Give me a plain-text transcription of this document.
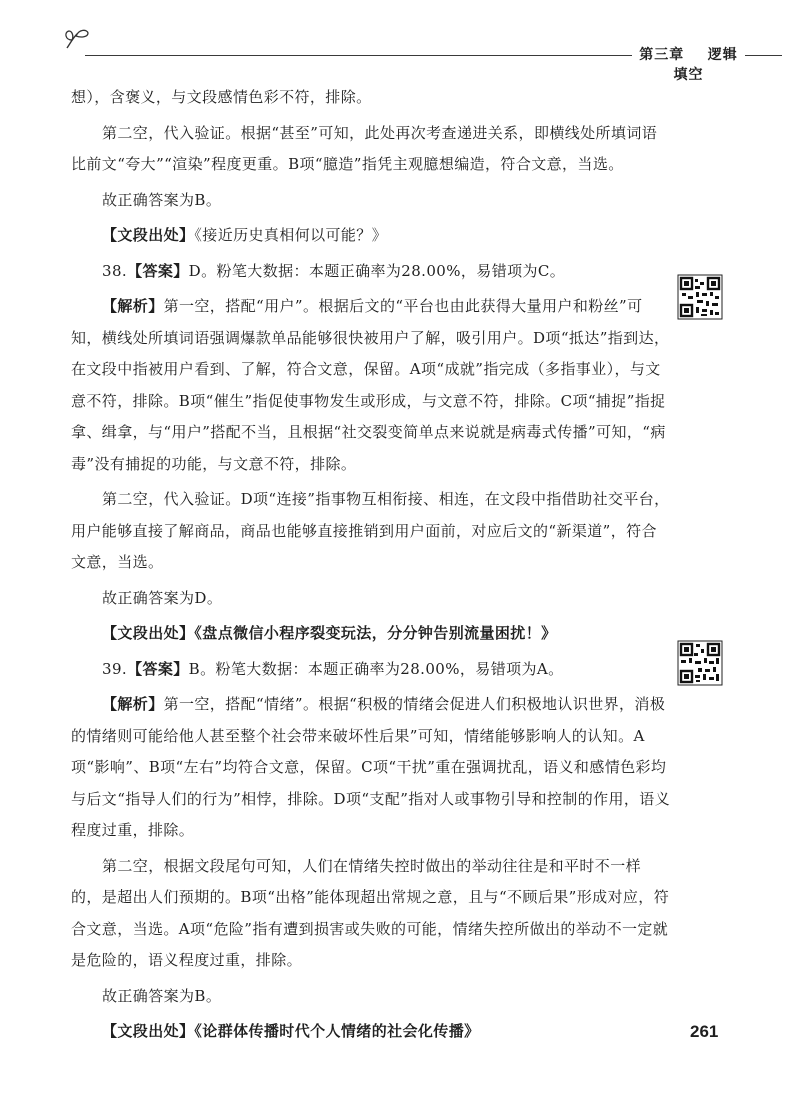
第三章 逻辑填空

想），含褒义，与文段感情色彩不符，排除。

第二空，代入验证。根据“甚至”可知，此处再次考查递进关系，即横线处所填词语比前文“夸大”“渲染”程度更重。B项“臆造”指凭主观臆想编造，符合文意，当选。

故正确答案为B。

【文段出处】《接近历史真相何以可能？》

38.【答案】D。粉笔大数据：本题正确率为28.00%，易错项为C。

【解析】第一空，搭配“用户”。根据后文的“平台也由此获得大量用户和粉丝”可知，横线处所填词语强调爆款单品能够很快被用户了解，吸引用户。D项“抵达”指到达，在文段中指被用户看到、了解，符合文意，保留。A项“成就”指完成（多指事业），与文意不符，排除。B项“催生”指促使事物发生或形成，与文意不符，排除。C项“捕捉”指捉拿、缉拿，与“用户”搭配不当，且根据“社交裂变简单点来说就是病毒式传播”可知，“病毒”没有捕捉的功能，与文意不符，排除。

第二空，代入验证。D项“连接”指事物互相衔接、相连，在文段中指借助社交平台，用户能够直接了解商品，商品也能够直接推销到用户面前，对应后文的“新渠道”，符合文意，当选。

故正确答案为D。

【文段出处】《盘点微信小程序裂变玩法，分分钟告别流量困扰！》

39.【答案】B。粉笔大数据：本题正确率为28.00%，易错项为A。

【解析】第一空，搭配“情绪”。根据“积极的情绪会促进人们积极地认识世界，消极的情绪则可能给他人甚至整个社会带来破坏性后果”可知，情绪能够影响人的认知。A项“影响”、B项“左右”均符合文意，保留。C项“干扰”重在强调扰乱，语义和感情色彩均与后文“指导人们的行为”相悖，排除。D项“支配”指对人或事物引导和控制的作用，语义程度过重，排除。

第二空，根据文段尾句可知，人们在情绪失控时做出的举动往往是和平时不一样的，是超出人们预期的。B项“出格”能体现超出常规之意，且与“不顾后果”形成对应，符合文意，当选。A项“危险”指有遭到损害或失败的可能，情绪失控所做出的举动不一定就是危险的，语义程度过重，排除。

故正确答案为B。

【文段出处】《论群体传播时代个人情绪的社会化传播》	261
